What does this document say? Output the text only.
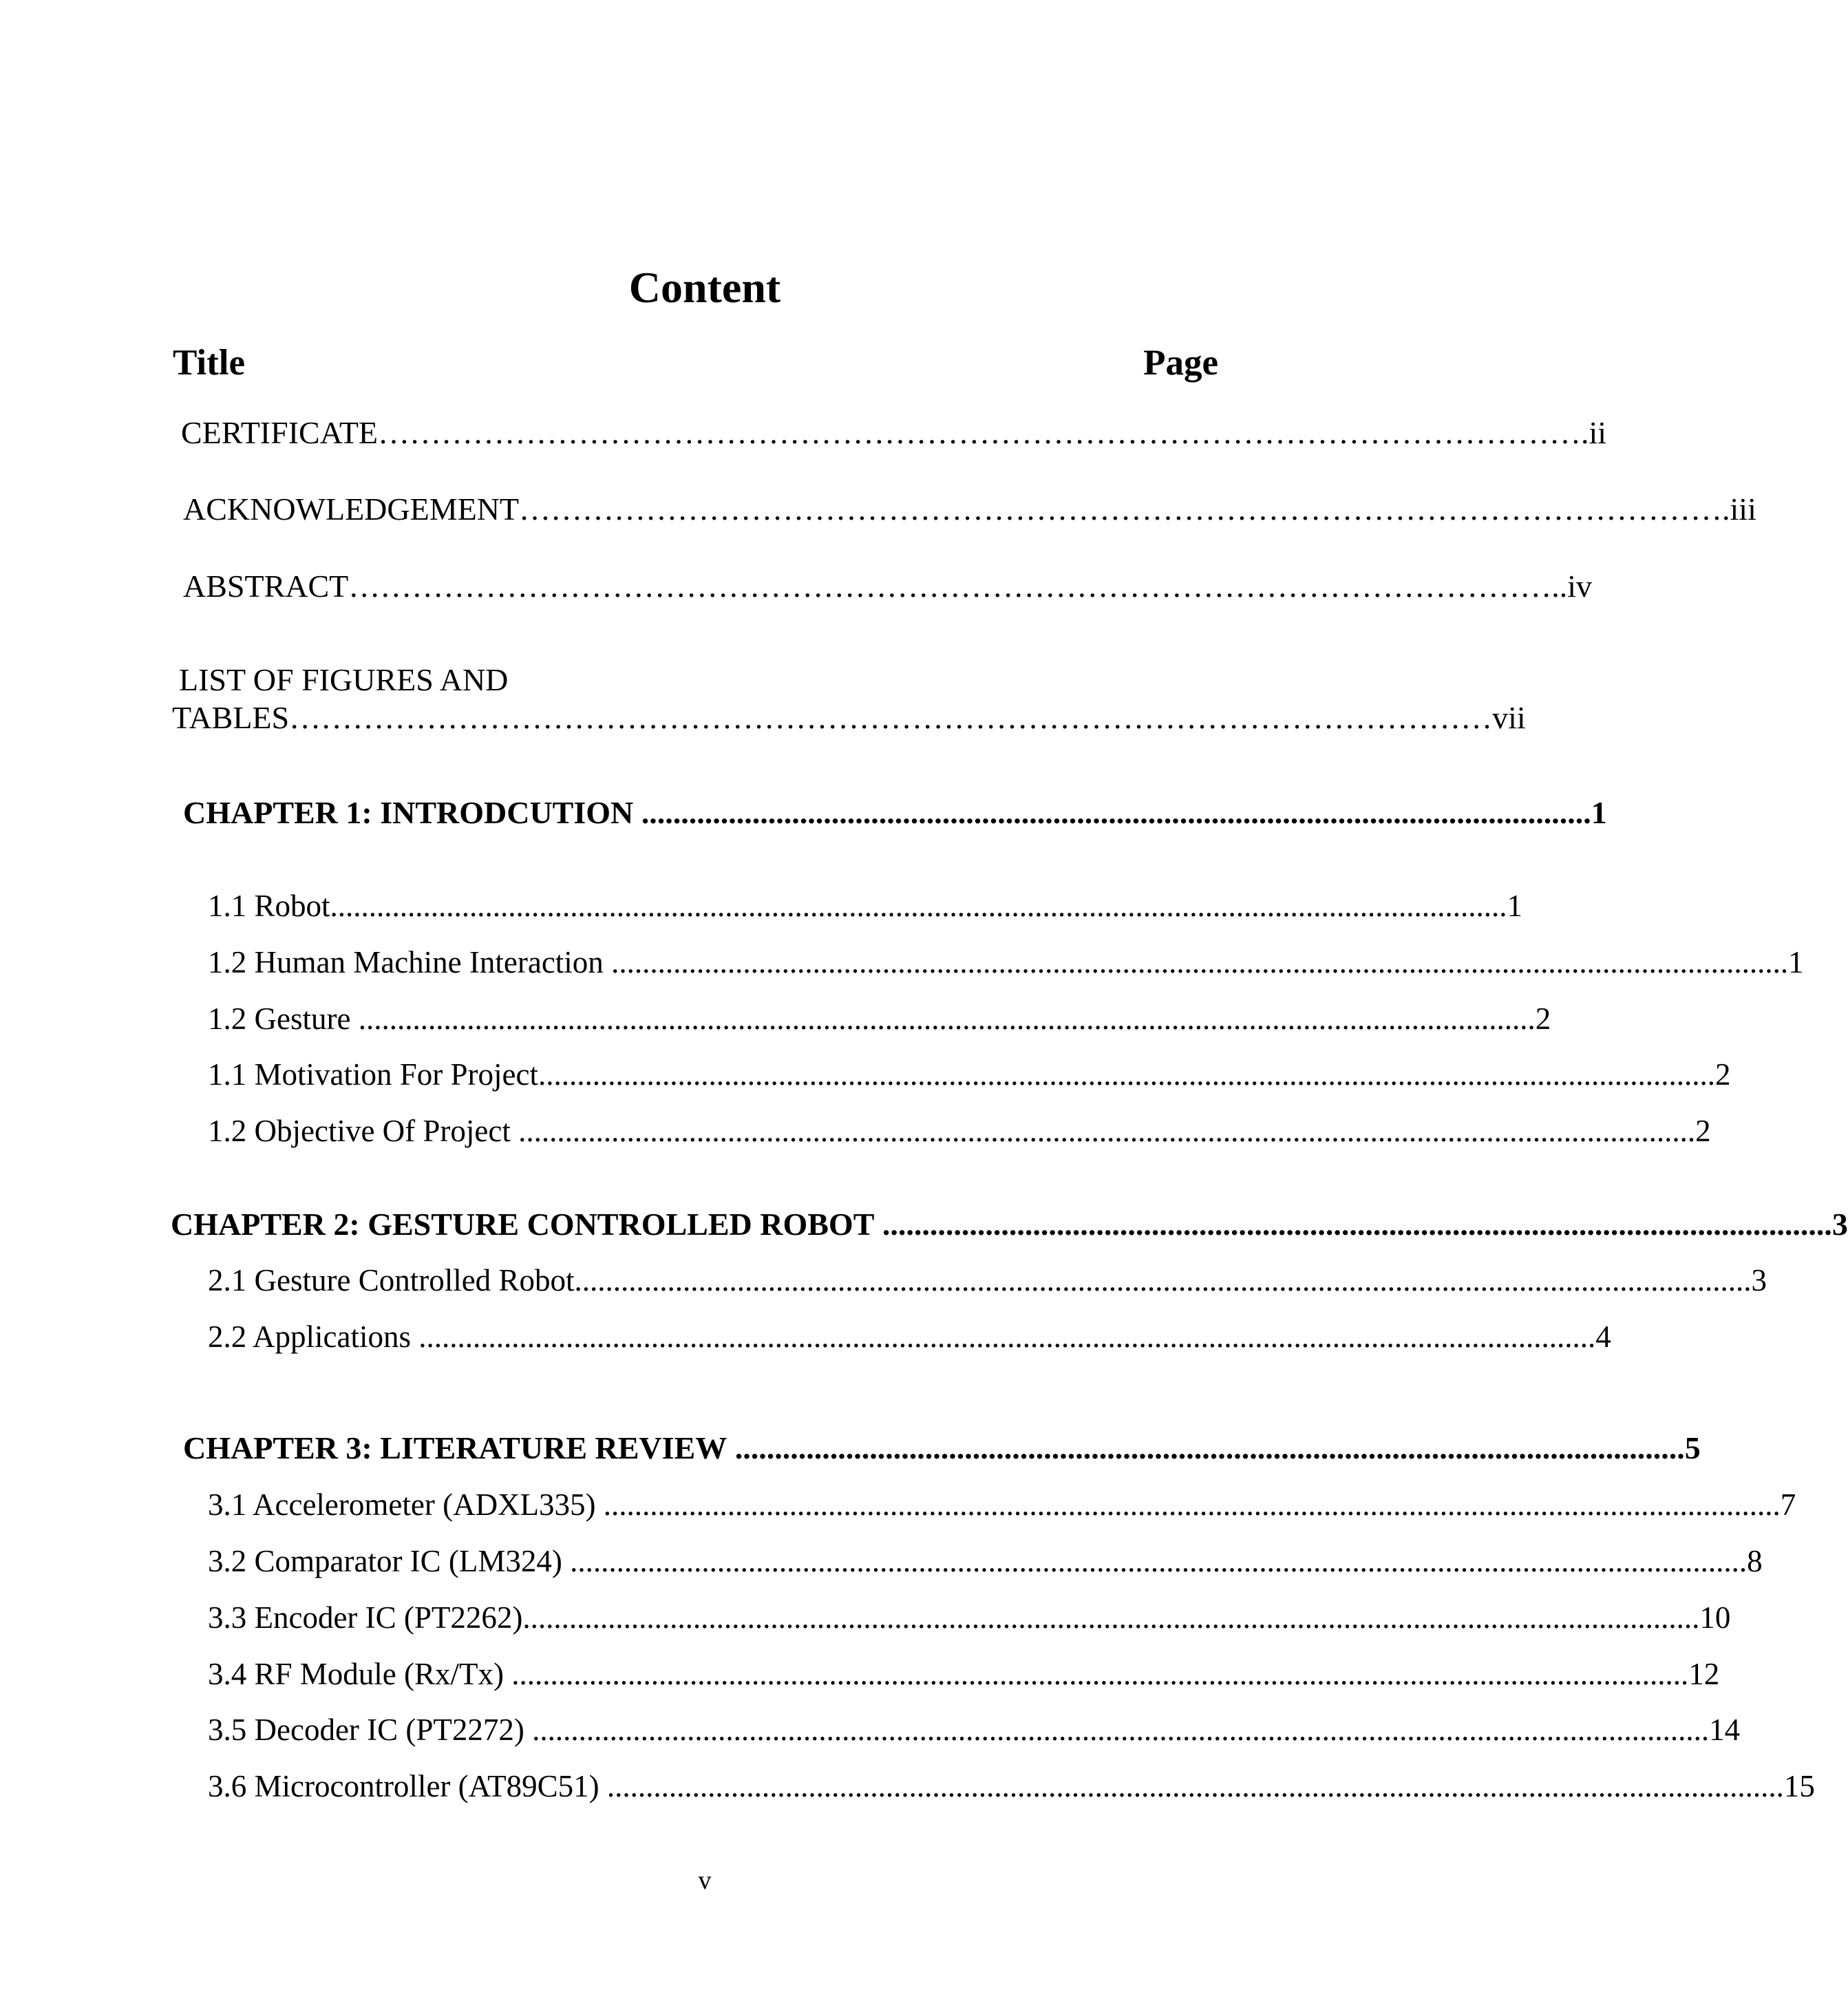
Content
Title	Page
CERTIFICATE …………………………………………………………………………………………………… .ii
ACKNOWLEDGEMENT …………………………………………………………………………………………………… .iii
ABSTRACT …………………………………………………………………………………………………… ..iv
LIST OF FIGURES AND
TABLES …………………………………………………………………………………………………… vii
CHAPTER 1: INTRODCUTION ........................................................................................................................ 1
1.1 Robot ........................................................................................................................................................ 1
1.2 Human Machine Interaction ........................................................................................................................................................ 1
1.2 Gesture ........................................................................................................................................................ 2
1.1 Motivation For Project ........................................................................................................................................................ 2
1.2 Objective Of Project ........................................................................................................................................................ 2
CHAPTER 2: GESTURE CONTROLLED ROBOT ........................................................................................................................ 3
2.1 Gesture Controlled Robot ........................................................................................................................................................ 3
2.2 Applications ........................................................................................................................................................ 4
CHAPTER 3: LITERATURE REVIEW ........................................................................................................................ 5
3.1 Accelerometer (ADXL335) ........................................................................................................................................................ 7
3.2 Comparator IC (LM324) ........................................................................................................................................................ 8
3.3 Encoder IC (PT2262) ........................................................................................................................................................ 10
3.4 RF Module (Rx/Tx) ........................................................................................................................................................ 12
3.5 Decoder IC (PT2272) ........................................................................................................................................................ 14
3.6 Microcontroller (AT89C51) ........................................................................................................................................................ 15
v
